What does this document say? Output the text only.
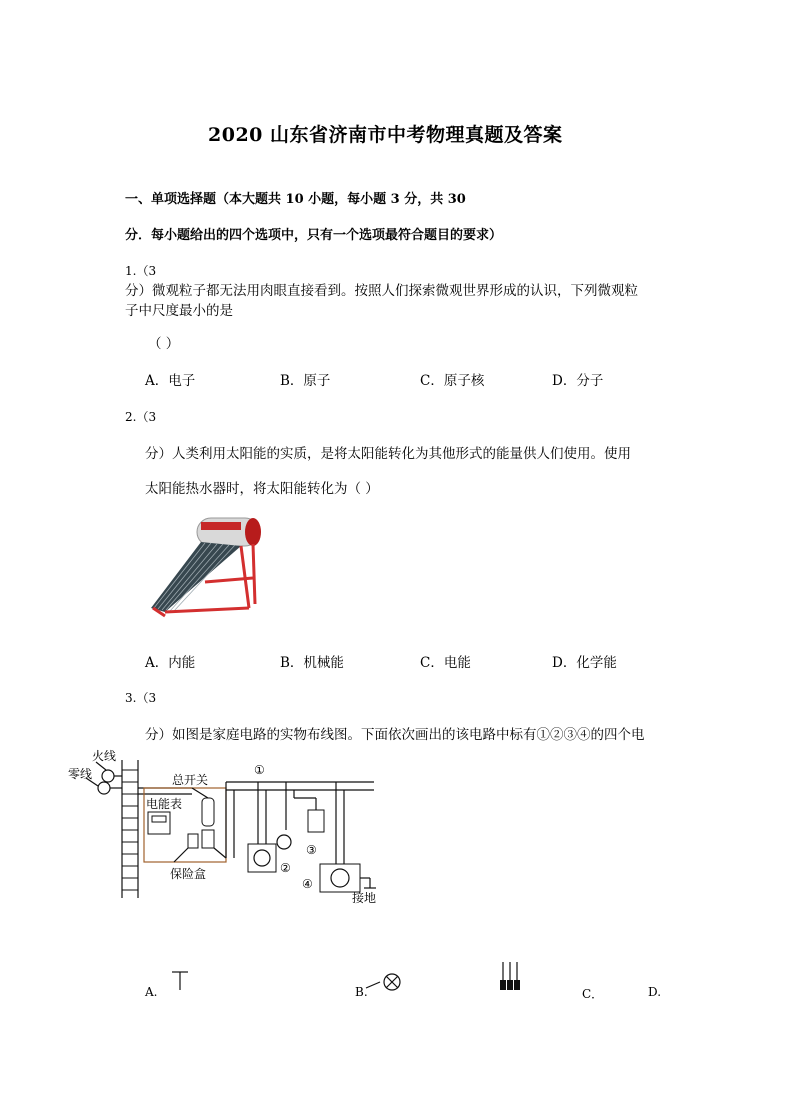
2020 山东省济南市中考物理真题及答案
一、单项选择题（本大题共 10 小题，每小题 3 分，共 30
分．每小题给出的四个选项中，只有一个选项最符合题目的要求）
1.（3
分）微观粒子都无法用肉眼直接看到。按照人们探索微观世界形成的认识，下列微观粒
子中尺度最小的是
（ ）
A．电子	B．原子	C．原子核	D．分子
2.（3
分）人类利用太阳能的实质，是将太阳能转化为其他形式的能量供人们使用。使用
太阳能热水器时，将太阳能转化为（ ）
A．内能	B．机械能	C．电能	D．化学能
3.（3
分）如图是家庭电路的实物布线图。下面依次画出的该电路中标有①②③④的四个电
火线
零线
电能表
总开关
保险盒
①
②
③
④
接地
A.	B.	C．	D.
